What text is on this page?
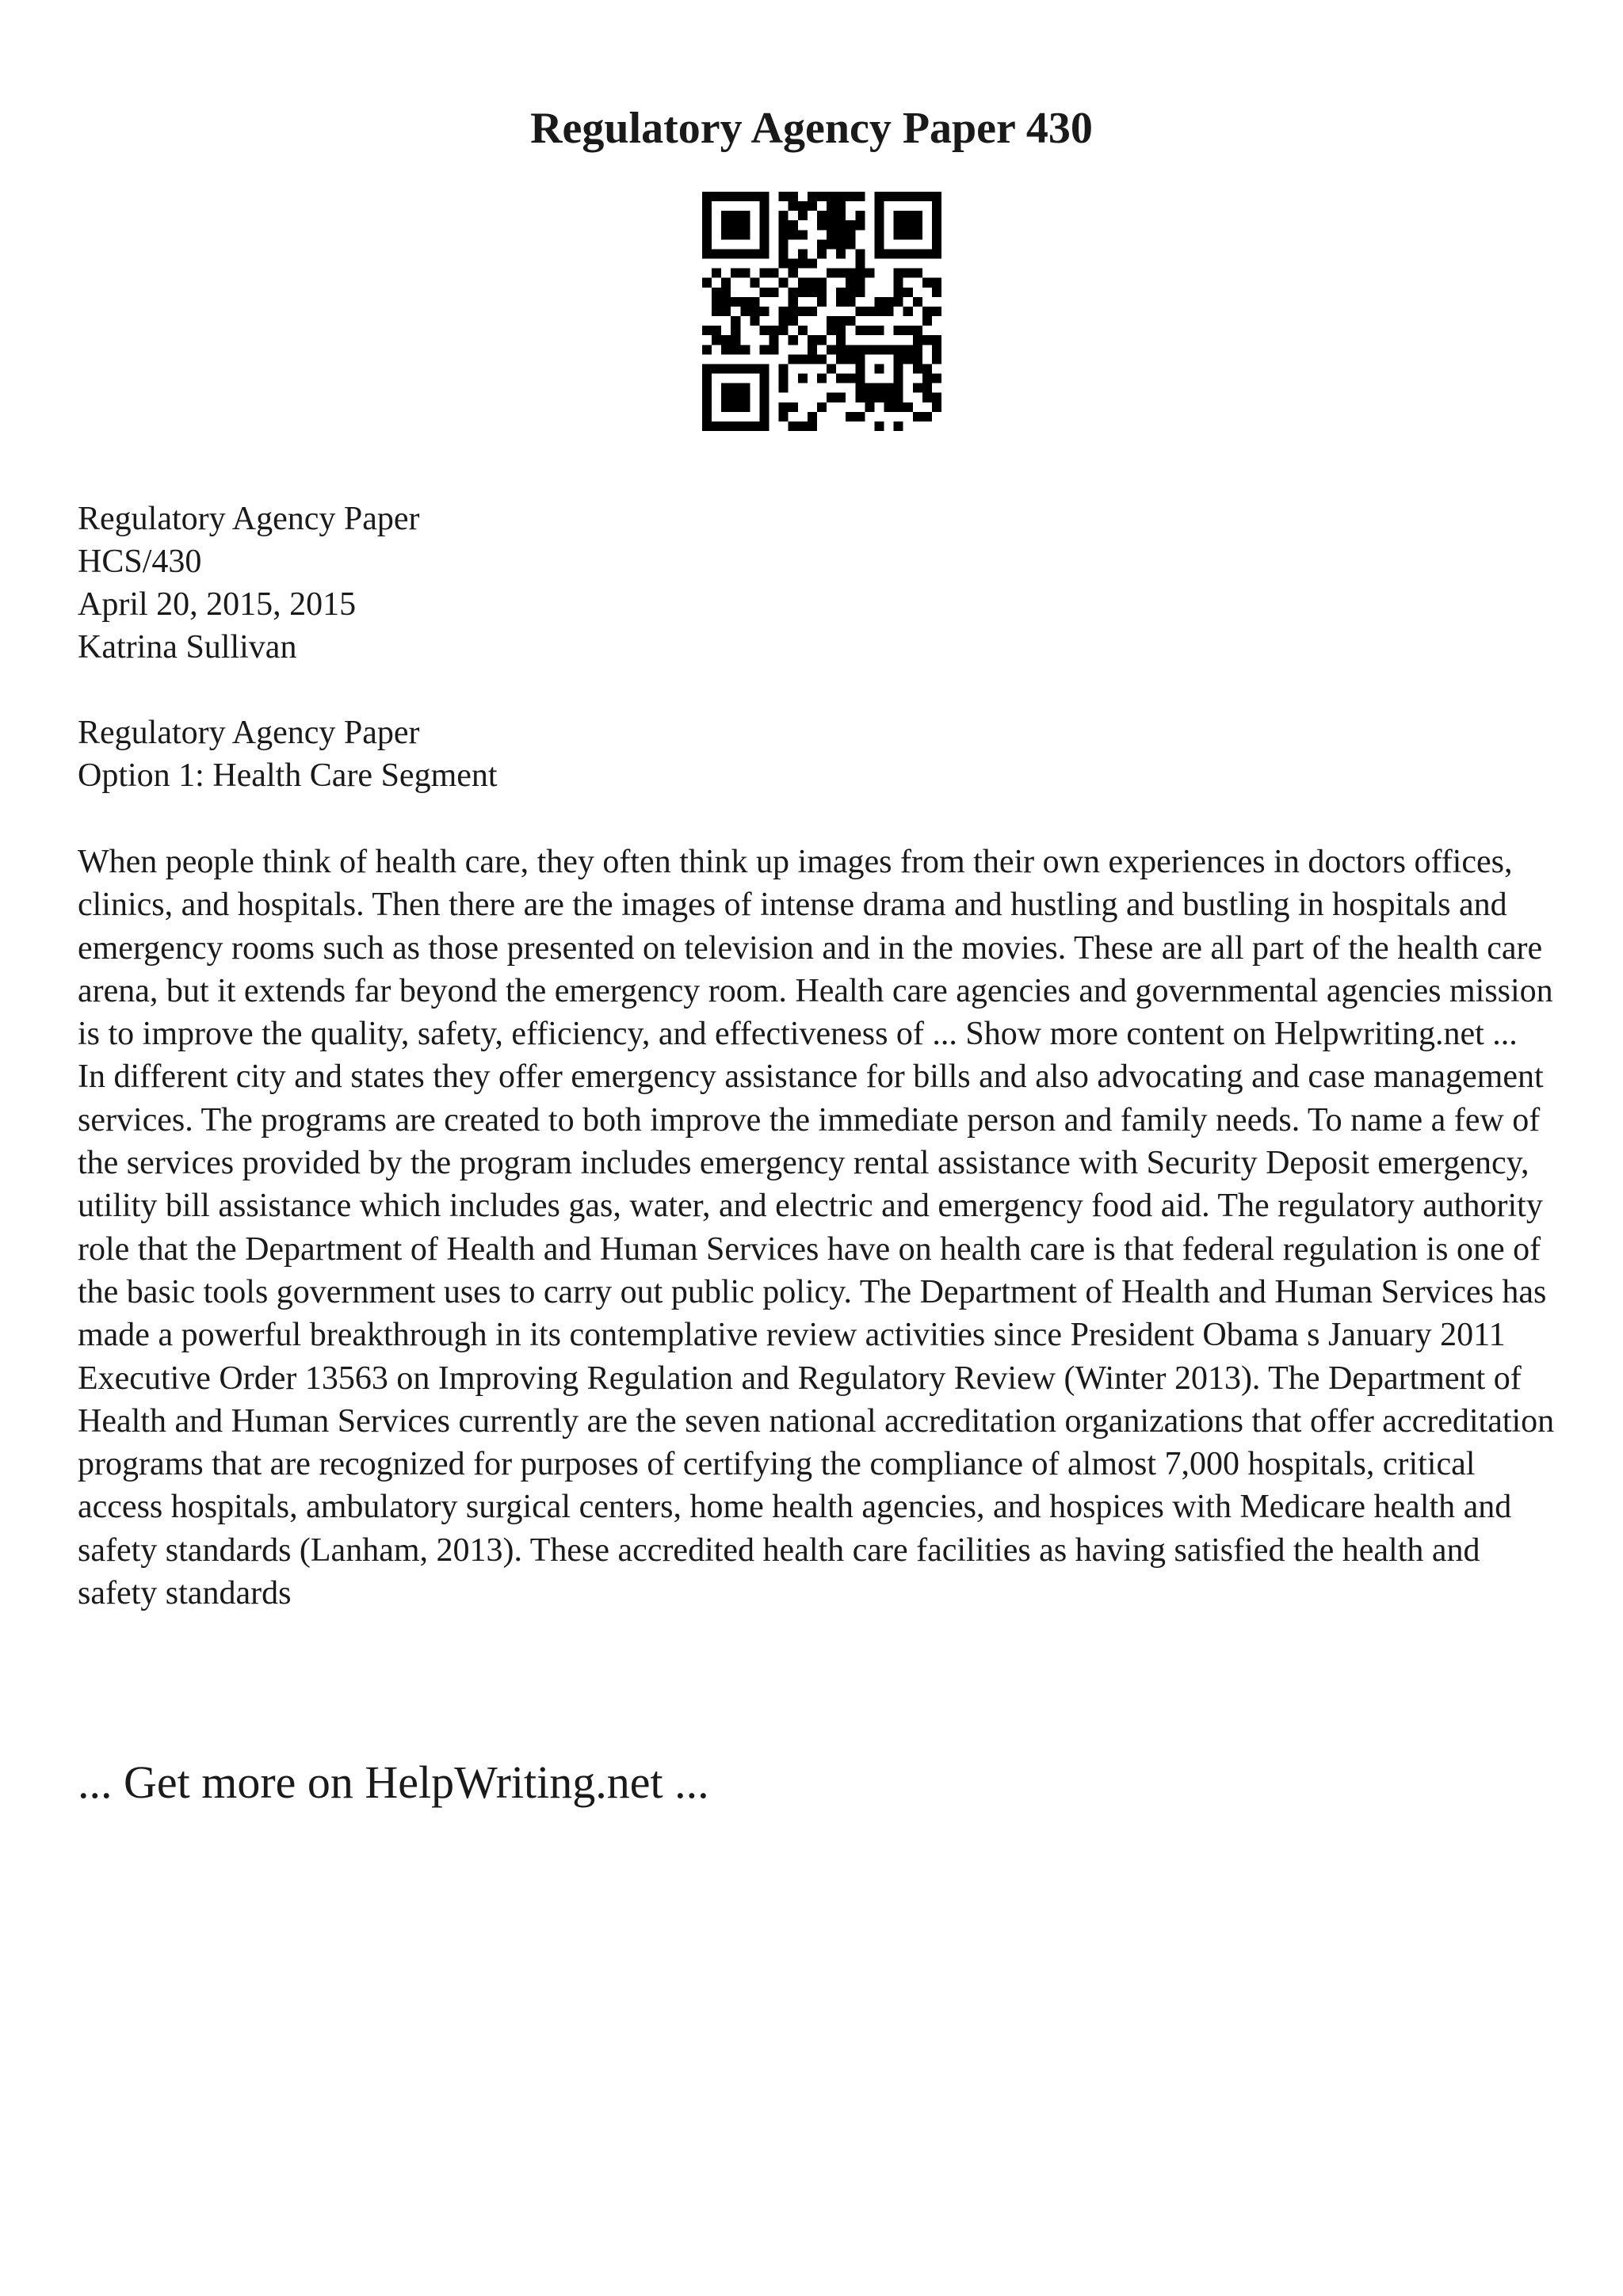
Regulatory Agency Paper 430
Regulatory Agency Paper
HCS/430
April 20, 2015, 2015
Katrina Sullivan
Regulatory Agency Paper
Option 1: Health Care Segment

When people think of health care, they often think up images from their own experiences in doctors offices, clinics, and hospitals. Then there are the images of intense drama and hustling and bustling in hospitals and emergency rooms such as those presented on television and in the movies. These are all part of the health care arena, but it extends far beyond the emergency room. Health care agencies and governmental agencies mission is to improve the quality, safety, efficiency, and effectiveness of ... Show more content on Helpwriting.net ...

In different city and states they offer emergency assistance for bills and also advocating and case management services. The programs are created to both improve the immediate person and family needs. To name a few of the services provided by the program includes emergency rental assistance with Security Deposit emergency, utility bill assistance which includes gas, water, and electric and emergency food aid. The regulatory authority role that the Department of Health and Human Services have on health care is that federal regulation is one of the basic tools government uses to carry out public policy. The Department of Health and Human Services has made a powerful breakthrough in its contemplative review activities since President Obama s January 2011 Executive Order 13563 on Improving Regulation and Regulatory Review (Winter 2013). The Department of Health and Human Services currently are the seven national accreditation organizations that offer accreditation programs that are recognized for purposes of certifying the compliance of almost 7,000 hospitals, critical access hospitals, ambulatory surgical centers, home health agencies, and hospices with Medicare health and safety standards (Lanham, 2013). These accredited health care facilities as having satisfied the health and safety standards

... Get more on HelpWriting.net ...
